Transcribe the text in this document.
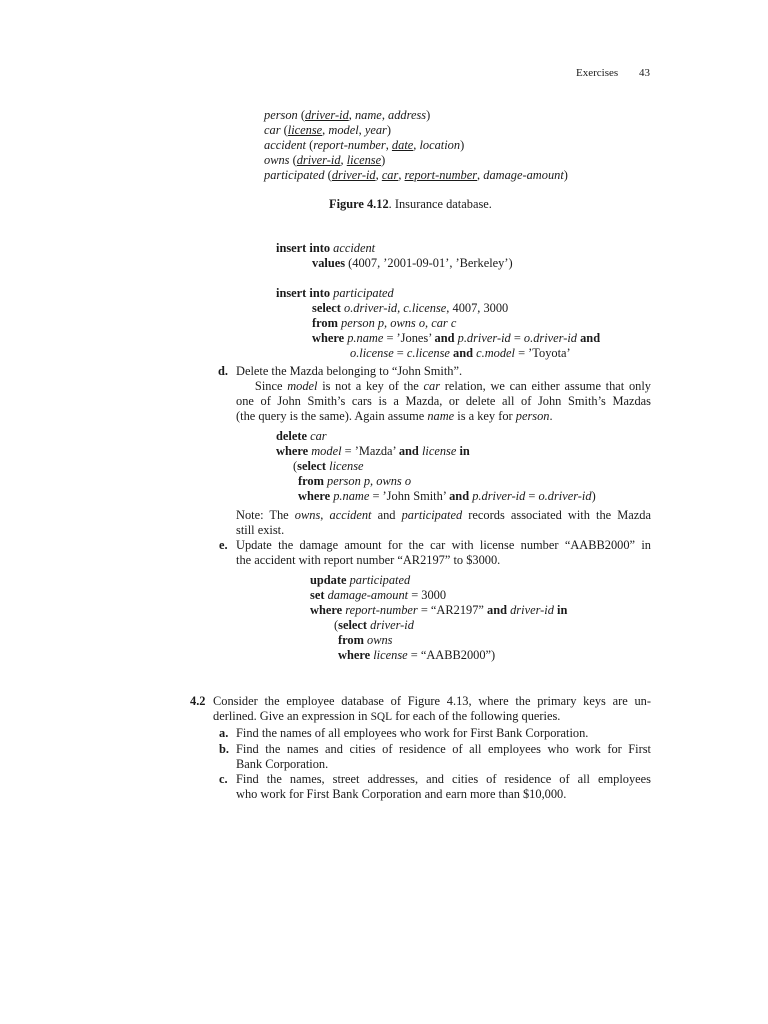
Exercises 43
person (driver-id, name, address)
car (license, model, year)
accident (report-number, date, location)
owns (driver-id, license)
participated (driver-id, car, report-number, damage-amount)
Figure 4.12. Insurance database.
insert into accident
values (4007, ’2001-09-01’, ’Berkeley’)
insert into participated
select o.driver-id, c.license, 4007, 3000
from person p, owns o, car c
where p.name = ’Jones’ and p.driver-id = o.driver-id and
o.license = c.license and c.model = ’Toyota’
d. Delete the Mazda belonging to “John Smith”.
Since model is not a key of the car relation, we can either assume that only
one of John Smith’s cars is a Mazda, or delete all of John Smith’s Mazdas
(the query is the same). Again assume name is a key for person.
delete car
where model = ’Mazda’ and license in
(select license
from person p, owns o
where p.name = ’John Smith’ and p.driver-id = o.driver-id)
Note: The owns, accident and participated records associated with the Mazda
still exist.
e. Update the damage amount for the car with license number “AABB2000” in
the accident with report number “AR2197” to $3000.
update participated
set damage-amount = 3000
where report-number = “AR2197” and driver-id in
(select driver-id
from owns
where license = “AABB2000”)
4.2 Consider the employee database of Figure 4.13, where the primary keys are un-
derlined. Give an expression in SQL for each of the following queries.
a. Find the names of all employees who work for First Bank Corporation.
b. Find the names and cities of residence of all employees who work for First
Bank Corporation.
c. Find the names, street addresses, and cities of residence of all employees
who work for First Bank Corporation and earn more than $10,000.
